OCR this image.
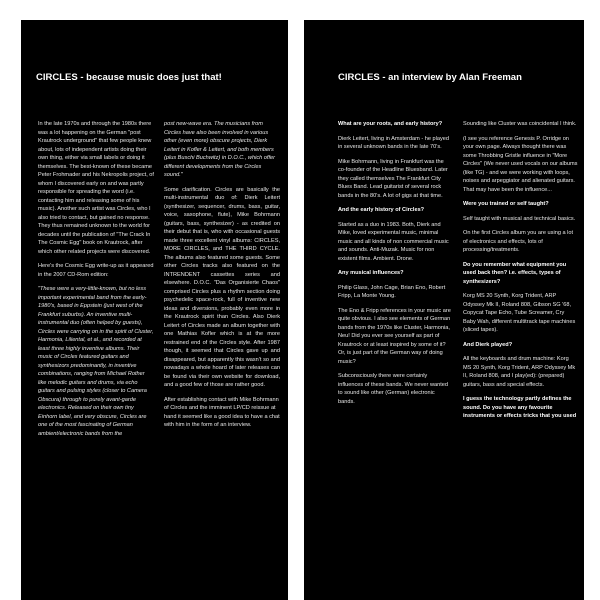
CIRCLES - because music does just that!

In the late 1970s and through the 1980s there was a lot happening on the German "post Krautrock underground" that few people knew about, lots of independent artists doing their own thing, either via small labels or doing it themselves. The best-known of these became Peter Frohmader and his Nekropolis project, of whom I discovered early on and was partly responsible for spreading the word (i.e. contacting him and releasing some of his music). Another such artist was Circles, who I also tried to contact, but gained no response. They thus remained unknown to the world for decades until the publication of "The Crack In The Cosmic Egg" book on Krautrock, after which other related projects were discovered.

Here's the Cosmic Egg write-up as it appeared in the 2007 CD-Rom edition:

"These were a very-little-known, but no less important experimental band from the early-1980's, based in Eppstein (just west of the Frankfurt suburbs). An inventive multi-instrumental duo (often helped by guests), Circles were carrying on in the spirit of Cluster, Harmonia, Liliental, et al., and recorded at least three highly inventive albums. Their music of Circles featured guitars and synthesizors predominantly, in inventive combinations, ranging from Michael Rother like melodic guitars and drums, via echo guitars and pulsing styles (closer to Camera Obscura) through to purely avant-garde electronics. Released on their own tiny Einhorn label, and very obscure, Circles are one of the most fascinating of German ambient/electronic bands from the

post new-wave era. The musicians from Circles have also been involved in various other (even more) obscure projects, Dierk Leitert in Kofler & Leitert, and both members (plus Buschi Buchwitz) in D.O.C., which offer different developments from the Circles sound."

Some clarification. Circles are basically the multi-instrumental duo of: Dierk Leitert (synthesizer, sequencer, drums, bass, guitar, voice, saxophone, flute), Mike Bohrmann (guitars, bass, synthesizer) - as credited on their debut that is, who with occasional guests made three excellent vinyl albums: CIRCLES, MORE CIRCLES, and THE THIRD CYCLE. The albums also featured some guests. Some other Circles tracks also featured on the INTRENDENT cassettes series and elsewhere. D.O.C. "Das Organisierte Chaos" comprised Circles plus a rhythm section doing psychedelic space-rock, full of inventive new ideas and diversions, probably even more in the Krautrock spirit than Circles. Also Dierk Leitert of Circles made an album together with one Mathias Kofler which is at the more restrained end of the Circles style. After 1987 though, it seemed that Circles gave up and disappeared, but apparently this wasn't so and nowadays a whole hoard of later releases can be found via their own website for download, and a good few of those are rather good.

After establishing contact with Mike Bohrmann of Circles and the imminent LP/CD reissue at hand it seemed like a good idea to have a chat with him in the form of an interview.

CIRCLES - an interview by Alan Freeman

What are your roots, and early history?

Dierk Leitert, living in Amsterdam - he played in several unknown bands in the late 70's.

Mike Bohrmann, living in Frankfurt was the co-founder of the Headline Bluesband. Later they called themselves The Frankfurt City Blues Band. Lead guitarist of several rock bands in the 80's. A lot of gigs at that time.

And the early history of Circles?

Started as a duo in 1983. Both, Dierk and Mike, loved experimental music, minimal music and all kinds of non commercial music and sounds. Anti-Muzak. Music for non existent films. Ambient. Drone.

Any musical influences?

Philip Glass, John Cage, Brian Eno, Robert Fripp, La Monte Young.

The Eno & Fripp references in your music are quite obvious. I also see elements of German bands from the 1970s like Cluster, Harmonia, Neu! Did you ever see yourself as part of Krautrock or at least inspired by some of it? Or, is just part of the German way of doing music?

Subconsciously there were certainly influences of these bands. We never wanted to sound like other (German) electronic bands.

Sounding like Cluster was coincidental I think.

(I see you reference Genesis P. Orridge on your own page. Always thought there was some Throbbing Gristle influence in "More Circles" (We never used vocals on our albums (like TG) - and we were working with loops, noises and arpeggiator and alienated guitars. That may have been the influence...

Were you trained or self taught?

Self taught with musical and technical basics.

On the first Circles album you are using a lot of electronics and effects, lots of processing/treatments.

Do you remember what equipment you used back then? i.e. effects, types of synthesizers?

Korg MS 20 Synth, Korg Trident, ARP Odyssey Mk II, Roland 808, Gibson SG '68, Copycat Tape Echo, Tube Screamer, Cry Baby Wah, different multitrack tape machines (sliced tapes).

And Dierk played?

All the keyboards and drum machine: Korg MS 20 Synth, Korg Trident, ARP Odyssey Mk II, Roland 808, and I play(ed): (prepared) guitars, bass and special effects.

I guess the technology partly defines the sound. Do you have any favourite instruments or effects tricks that you used
